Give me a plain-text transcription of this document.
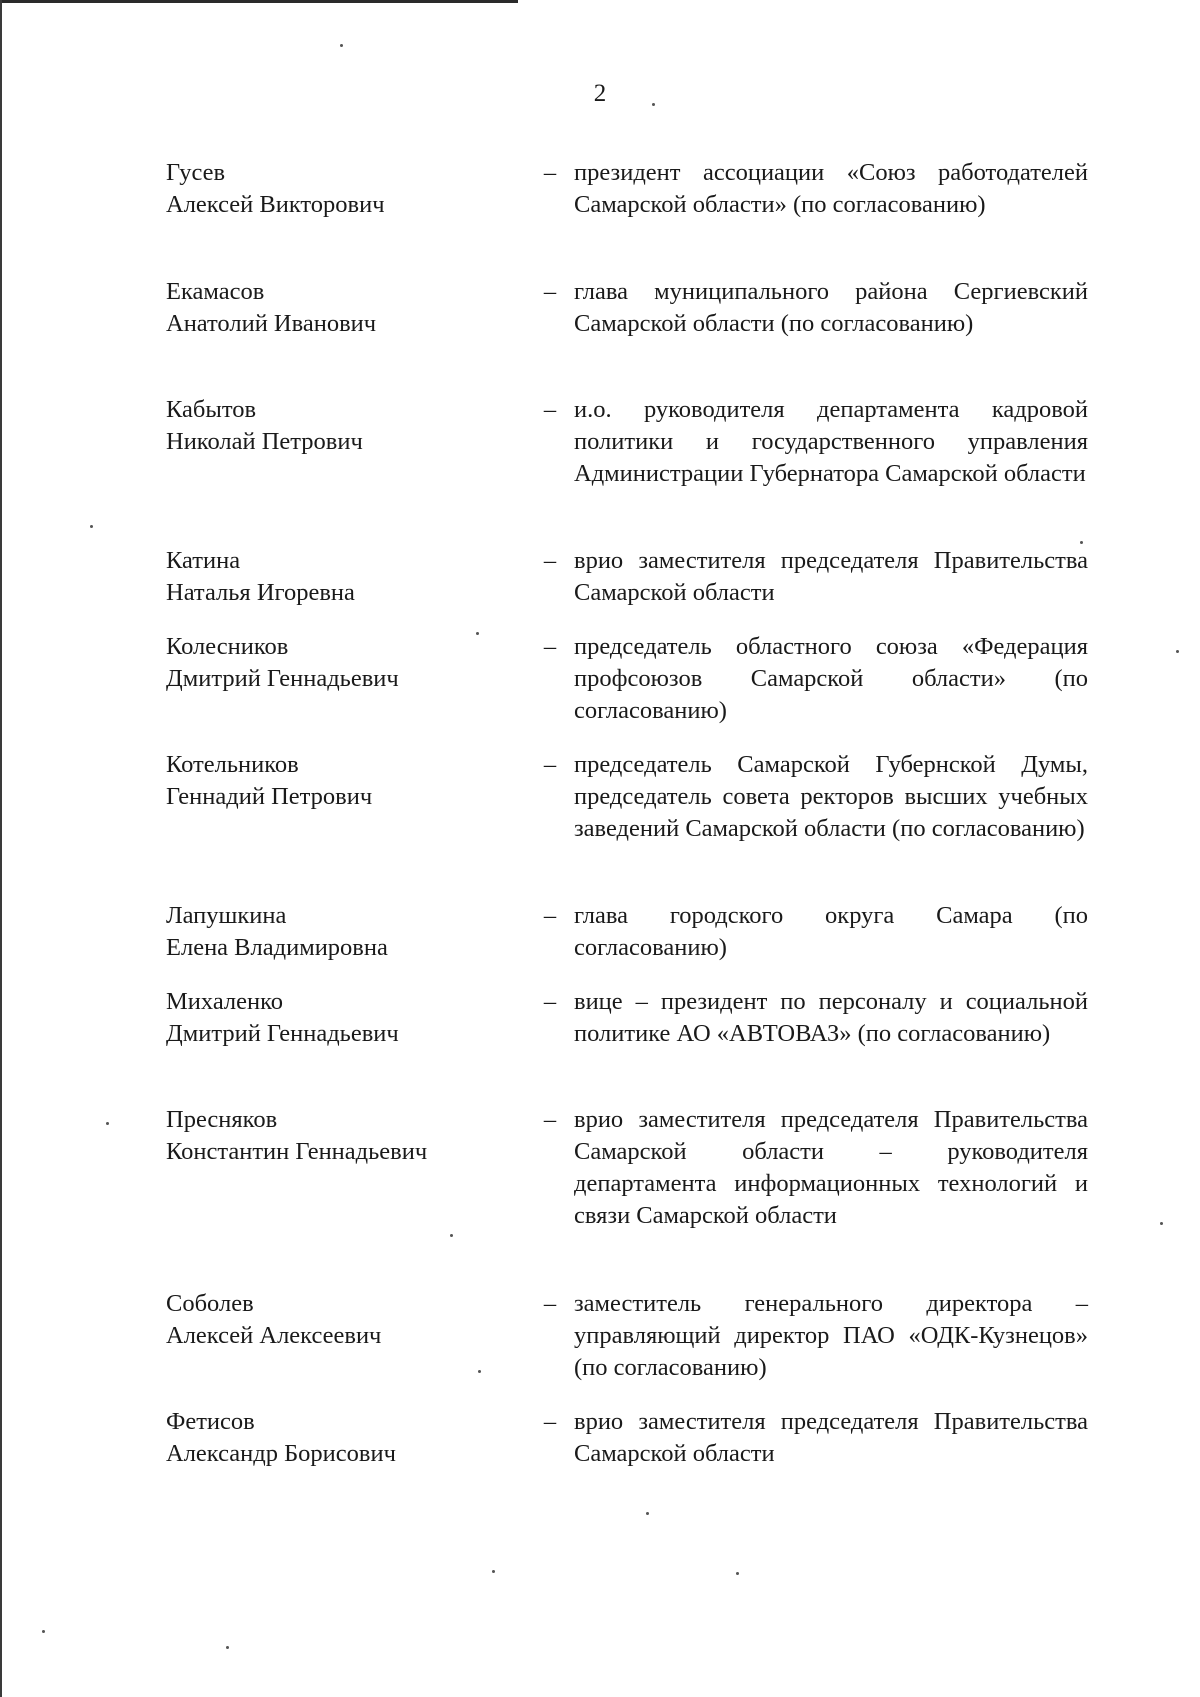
2
Гусев
Алексей Викторович
– президент ассоциации «Союз работодателей Самарской области» (по согласованию)
Екамасов
Анатолий Иванович
– глава муниципального района Сергиевский Самарской области (по согласованию)
Кабытов
Николай Петрович
– и.о. руководителя департамента кадровой политики и государственного управления Администрации Губернатора Самарской области
Катина
Наталья Игоревна
– врио заместителя председателя Правительства Самарской области
Колесников
Дмитрий Геннадьевич
– председатель областного союза «Федерация профсоюзов Самарской области» (по согласованию)
Котельников
Геннадий Петрович
– председатель Самарской Губернской Думы, председатель совета ректоров высших учебных заведений Самарской области (по согласованию)
Лапушкина
Елена Владимировна
– глава городского округа Самара (по согласованию)
Михаленко
Дмитрий Геннадьевич
– вице – президент по персоналу и социальной политике АО «АВТОВАЗ» (по согласованию)
Пресняков
Константин Геннадьевич
– врио заместителя председателя Правительства Самарской области – руководителя департамента информационных технологий и связи Самарской области
Соболев
Алексей Алексеевич
– заместитель генерального директора – управляющий директор ПАО «ОДК-Кузнецов» (по согласованию)
Фетисов
Александр Борисович
– врио заместителя председателя Правительства Самарской области
